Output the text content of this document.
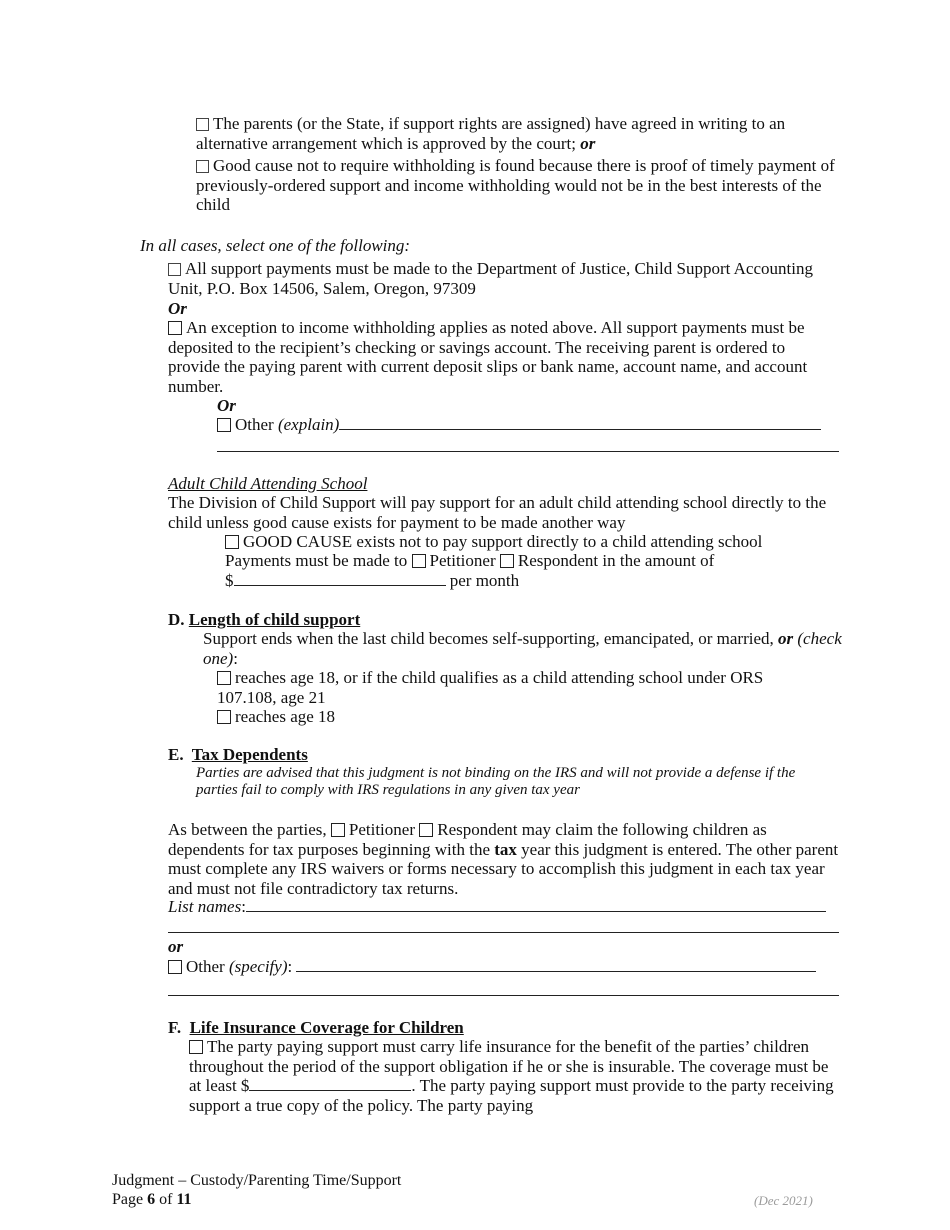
The parents (or the State, if support rights are assigned) have agreed in writing to an alternative arrangement which is approved by the court; or
Good cause not to require withholding is found because there is proof of timely payment of previously-ordered support and income withholding would not be in the best interests of the child
In all cases, select one of the following:
All support payments must be made to the Department of Justice, Child Support Accounting Unit, P.O. Box 14506, Salem, Oregon, 97309
Or
An exception to income withholding applies as noted above. All support payments must be deposited to the recipient’s checking or savings account. The receiving parent is ordered to provide the paying parent with current deposit slips or bank name, account name, and account number.
Or
Other (explain)
Adult Child Attending School
The Division of Child Support will pay support for an adult child attending school directly to the child unless good cause exists for payment to be made another way
GOOD CAUSE exists not to pay support directly to a child attending school
Payments must be made to Petitioner Respondent in the amount of
$	per month
D. Length of child support
Support ends when the last child becomes self-supporting, emancipated, or married, or (check one):
reaches age 18, or if the child qualifies as a child attending school under ORS 107.108, age 21
reaches age 18
E. Tax Dependents
Parties are advised that this judgment is not binding on the IRS and will not provide a defense if the parties fail to comply with IRS regulations in any given tax year
As between the parties, Petitioner Respondent may claim the following children as dependents for tax purposes beginning with the tax year this judgment is entered. The other parent must complete any IRS waivers or forms necessary to accomplish this judgment in each tax year and must not file contradictory tax returns.
List names:
or
Other (specify):
F. Life Insurance Coverage for Children
The party paying support must carry life insurance for the benefit of the parties’ children throughout the period of the support obligation if he or she is insurable. The coverage must be at least $	. The party paying support must provide to the party receiving support a true copy of the policy. The party paying
Judgment – Custody/Parenting Time/Support
Page 6 of 11	(Dec 2021)
